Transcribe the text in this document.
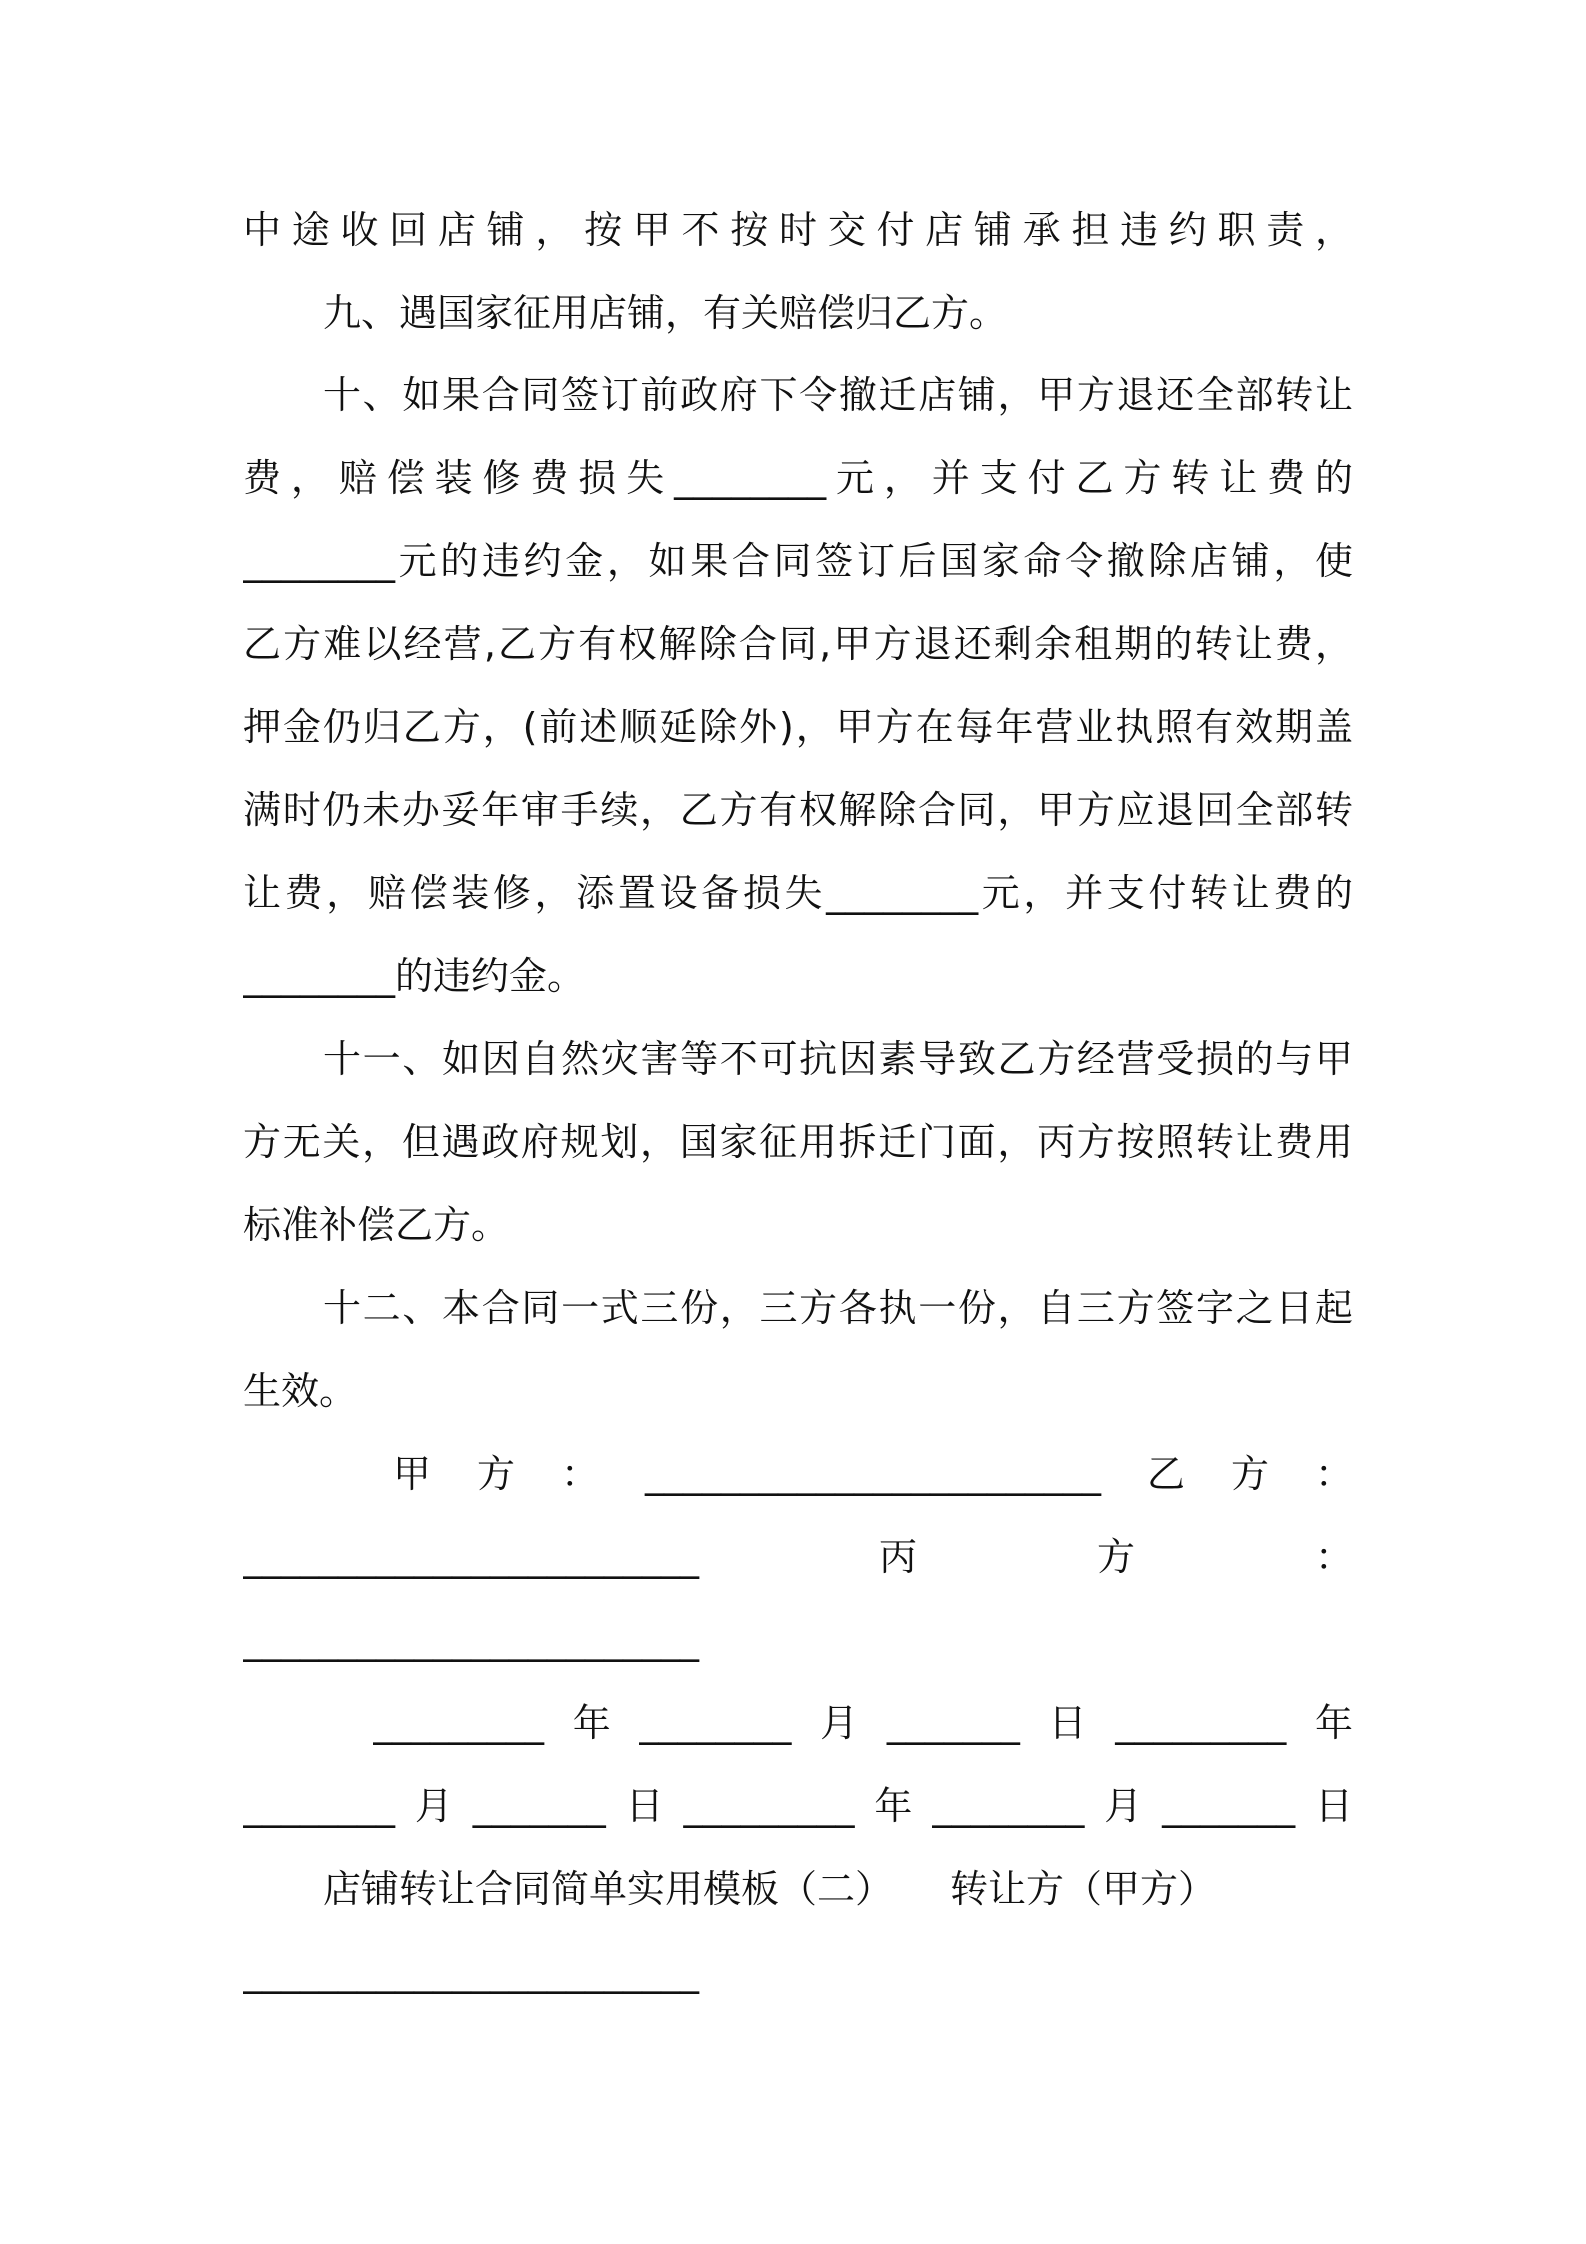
中途收回店铺，按甲不按时交付店铺承担违约职责，
九、遇国家征用店铺，有关赔偿归乙方。
十、如果合同签订前政府下令撤迁店铺，甲方退还全部转让
费，赔偿装修费损失________元，并支付乙方转让费的
________元的违约金，如果合同签订后国家命令撤除店铺，使
乙方难以经营,乙方有权解除合同,甲方退还剩余租期的转让费，
押金仍归乙方，(前述顺延除外)，甲方在每年营业执照有效期盖
满时仍未办妥年审手续，乙方有权解除合同，甲方应退回全部转
让费，赔偿装修，添置设备损失________元，并支付转让费的
________的违约金。
十一、如因自然灾害等不可抗因素导致乙方经营受损的与甲
方无关，但遇政府规划，国家征用拆迁门面，丙方按照转让费用
标准补偿乙方。
十二、本合同一式三份，三方各执一份，自三方签字之日起
生效。
甲方：________________________乙方：
________________________丙方：
________________________
_________年________月_______日_________年
________月_______日_________年________月_______日
店铺转让合同简单实用模板（二）　　转让方（甲方）
________________________
